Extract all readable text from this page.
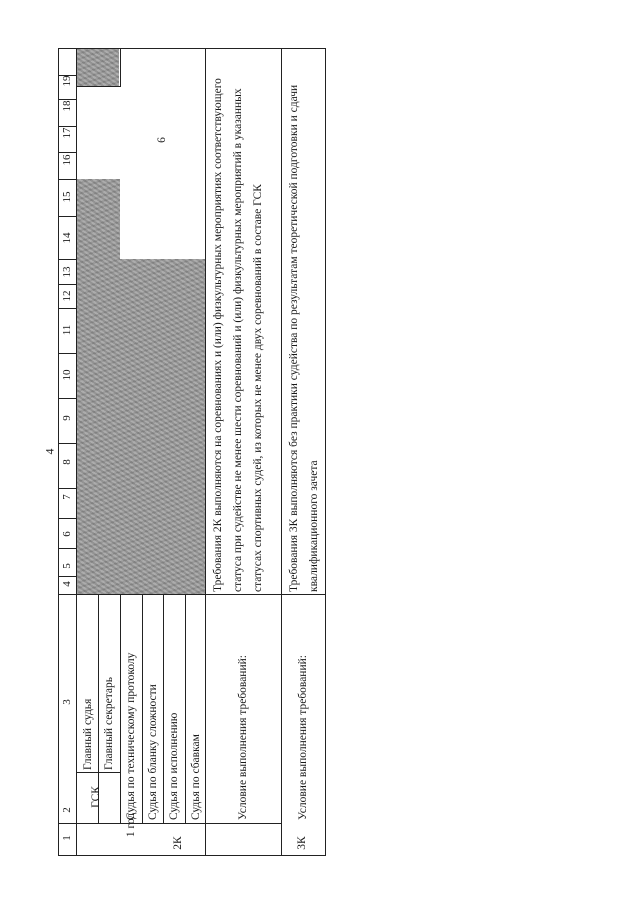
4
1
2
3
4
5
6
7
8
9
10
11
12
13
14
15
16
17
18
19
2К
1 год
ГСК
Главный судья Главный секретарь Судья по техническому протоколу Судья по бланку сложности Судья по исполнению Судья по сбавкам
6
Условие выполнения требований:
Требования 2К выполняются на соревнованиях и (или) физкультурных мероприятиях соответствующего статуса при судействе не менее шести соревнований и (или) физкультурных мероприятий в указанных статусах спортивных судей, из которых не менее двух соревнований в составе ГСК
3К
Условие выполнения требований:
Требования 3К выполняются без практики судейства по результатам теоретической подготовки и сдачи квалификационного зачета
